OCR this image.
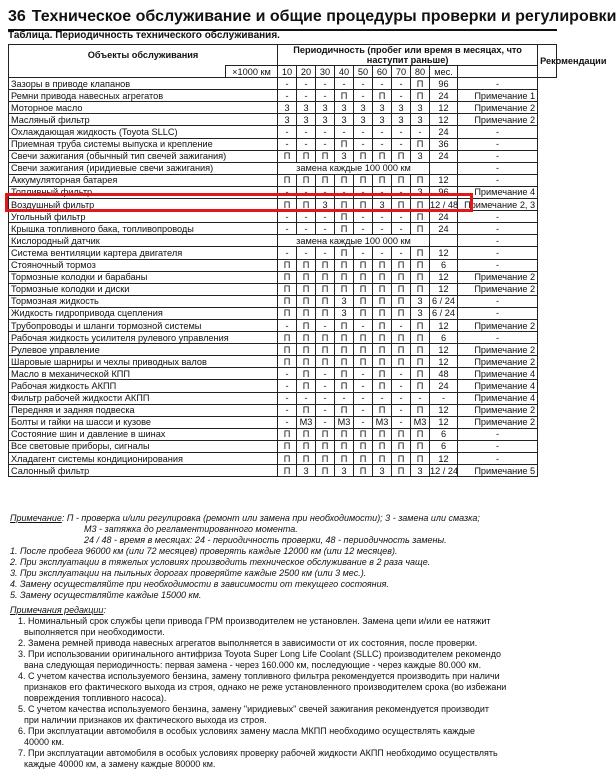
36 Техническое обслуживание и общие процедуры проверки и регулировки
Таблица. Периодичность технического обслуживания.
Объекты обслуживания		Периодичность (пробег или время в месяцах, что наступит раньше)										Рекомендации
	×1000 км	10	20	30	40	50	60	70	80	мес.		
Зазоры в приводе клапанов		-	-	-	-	-	-	-	П	96	-	
Ремни привода навесных агрегатов		-	-	-	П	-	П	-	П	24	Примечание 1	
Моторное масло		3	3	3	3	3	3	3	3	12	Примечание 2	
Масляный фильтр		3	3	3	3	3	3	3	3	12	Примечание 2	
Охлаждающая жидкость (Toyota SLLC)		-	-	-	-	-	-	-	-	24	-	
Приемная труба системы выпуска и крепление		-	-	-	П	-	-	-	П	36	-	
Свечи зажигания (обычный тип свечей зажигания)		П	П	П	3	П	П	П	3	24	-	
Свечи зажигания (иридиевые свечи зажигания)		замена каждые 100 000 км									-	
Аккумуляторная батарея		П	П	П	П	П	П	П	П	12	-	
Топливный фильтр		-	-	-	-	-	-	-	3	96	Примечание 4	
Воздушный фильтр		П	П	3	П	П	3	П	П	12 / 48	Примечание 2, 3	
Угольный фильтр		-	-	-	П	-	-	-	П	24	-	
Крышка топливного бака, топливопроводы		-	-	-	П	-	-	-	П	24	-	
Кислородный датчик		замена каждые 100 000 км									-	
Система вентиляции картера двигателя		-	-	-	П	-	-	-	П	12	-	
Стояночный тормоз		П	П	П	П	П	П	П	П	6	-	
Тормозные колодки и барабаны		П	П	П	П	П	П	П	П	12	Примечание 2	
Тормозные колодки и диски		П	П	П	П	П	П	П	П	12	Примечание 2	
Тормозная жидкость		П	П	П	3	П	П	П	3	6 / 24	-	
Жидкость гидропривода сцепления		П	П	П	3	П	П	П	3	6 / 24	-	
Трубопроводы и шланги тормозной системы		-	П	-	П	-	П	-	П	12	Примечание 2	
Рабочая жидкость усилителя рулевого управления		П	П	П	П	П	П	П	П	6	-	
Рулевое управление		П	П	П	П	П	П	П	П	12	Примечание 2	
Шаровые шарниры и чехлы приводных валов		П	П	П	П	П	П	П	П	12	Примечание 2	
Масло в механической КПП		-	П	-	П	-	П	-	П	48	Примечание 4	
Рабочая жидкость АКПП		-	П	-	П	-	П	-	П	24	Примечание 4	
Фильтр рабочей жидкости АКПП		-	-	-	-	-	-	-	-	-	Примечание 4	
Передняя и задняя подвеска		-	П	-	П	-	П	-	П	12	Примечание 2	
Болты и гайки на шасси и кузове		-	М3	-	М3	-	М3	-	М3	12	Примечание 2	
Состояние шин и давление в шинах		П	П	П	П	П	П	П	П	6	-	
Все световые приборы, сигналы		П	П	П	П	П	П	П	П	6	-	
Хладагент системы кондиционирования		П	П	П	П	П	П	П	П	12	-	
Салонный фильтр		П	3	П	3	П	3	П	3	12 / 24	Примечание 5	

Примечание: П - проверка и/или регулировка (ремонт или замена при необходимости); 3 - замена или смазка;

М3 - затяжка до регламентированного момента.

24 / 48 - время в месяцах: 24 - периодичность проверки, 48 - периодичность замены.

1. После пробега 96000 км (или 72 месяцев) проверять каждые 12000 км (или 12 месяцев).

2. При эксплуатации в тяжелых условиях производить техническое обслуживание в 2 раза чаще.

3. При эксплуатации на пыльных дорогах проверяйте каждые 2500 км (или 3 мес.).

4. Замену осуществляйте при необходимости в зависимости от текущего состояния.

5. Замену осуществляйте каждые 15000 км.

Примечания редакции:

1. Номинальный срок службы цепи привода ГРМ производителем не установлен. Замена цепи и/или ее натяжит

выполняется при необходимости.

2. Замена ремней привода навесных агрегатов выполняется в зависимости от их состояния, после проверки.

3. При использовании оригинального антифриза Toyota Super Long Life Coolant (SLLC) производителем рекомендо

вана следующая периодичность: первая замена - через 160.000 км, последующие - через каждые 80.000 км.

4. С учетом качества используемого бензина, замену топливного фильтра рекомендуется производить при наличи

признаков его фактического выхода из строя, однако не реже установленного производителем срока (во избежани

повреждения топливного насоса).

5. С учетом качества используемого бензина, замену "иридиевых" свечей зажигания рекомендуется производит

при наличии признаков их фактического выхода из строя.

6. При эксплуатации автомобиля в особых условиях замену масла МКПП необходимо осуществлять каждые

40000 км.

7. При эксплуатации автомобиля в особых условиях проверку рабочей жидкости АКПП необходимо осуществлять

каждые 40000 км, а замену каждые 80000 км.
